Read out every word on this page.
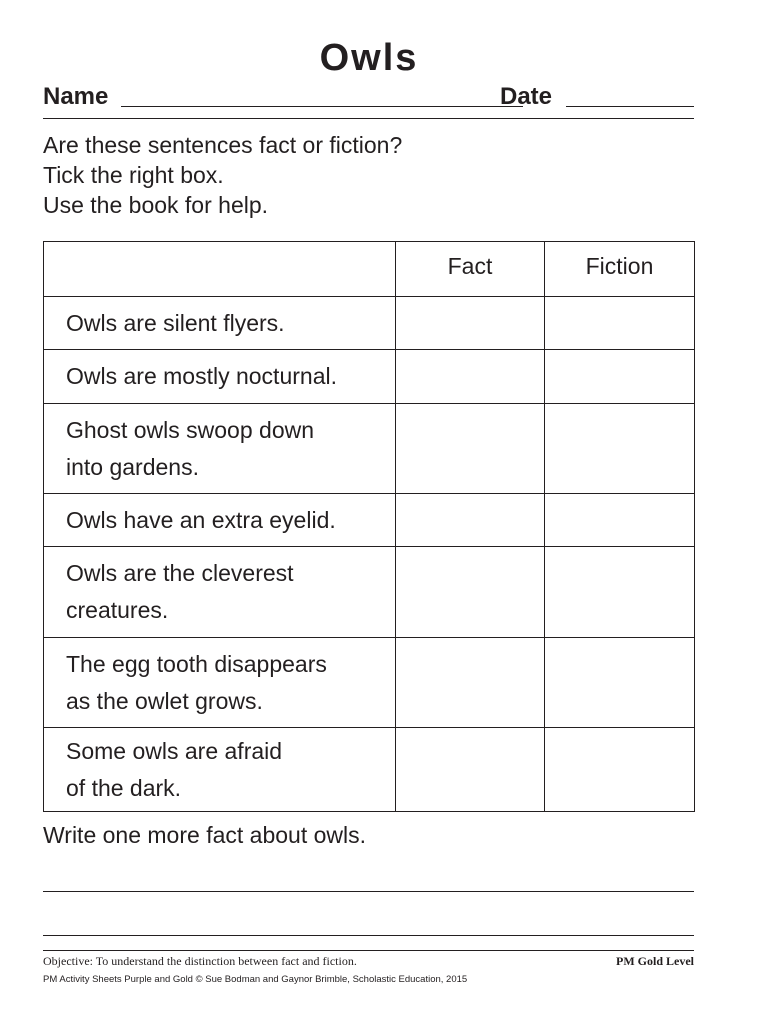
Owls
Name	Date
Are these sentences fact or fiction?
Tick the right box.
Use the book for help.
	Fact	Fiction

Owls are silent flyers.		

Owls are mostly nocturnal.		

Ghost owls swoop down
into gardens.		

Owls have an extra eyelid.		

Owls are the cleverest
creatures.		

The egg tooth disappears
as the owlet grows.		

Some owls are afraid
of the dark.		

Write one more fact about owls.
Objective: To understand the distinction between fact and fiction.	PM Gold Level
PM Activity Sheets Purple and Gold © Sue Bodman and Gaynor Brimble, Scholastic Education, 2015
